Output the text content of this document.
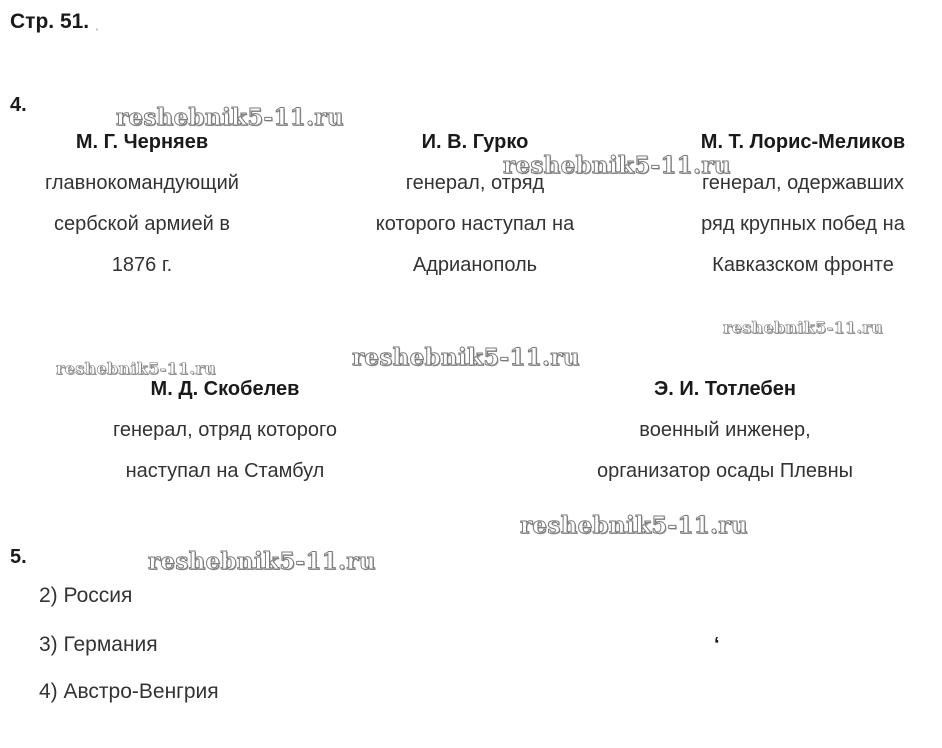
Стр. 51. ˌ
4.
М. Г. Черняев
главнокомандующий
сербской армией в
1876 г.
И. В. Гурко
генерал, отряд
которого наступал на
Адрианополь
М. Т. Лорис-Меликов
генерал, одержавших
ряд крупных побед на
Кавказском фронте
М. Д. Скобелев
генерал, отряд которого
наступал на Стамбул
Э. И. Тотлебен
военный инженер,
организатор осады Плевны
5.
2) Россия
3) Германия
4) Австро-Венгрия
‘
reshebnik5-11.ru
reshebnik5-11.ru
reshebnik5-11.ru
reshebnik5-11.ru
reshebnik5-11.ru
reshebnik5-11.ru
reshebnik5-11.ru
